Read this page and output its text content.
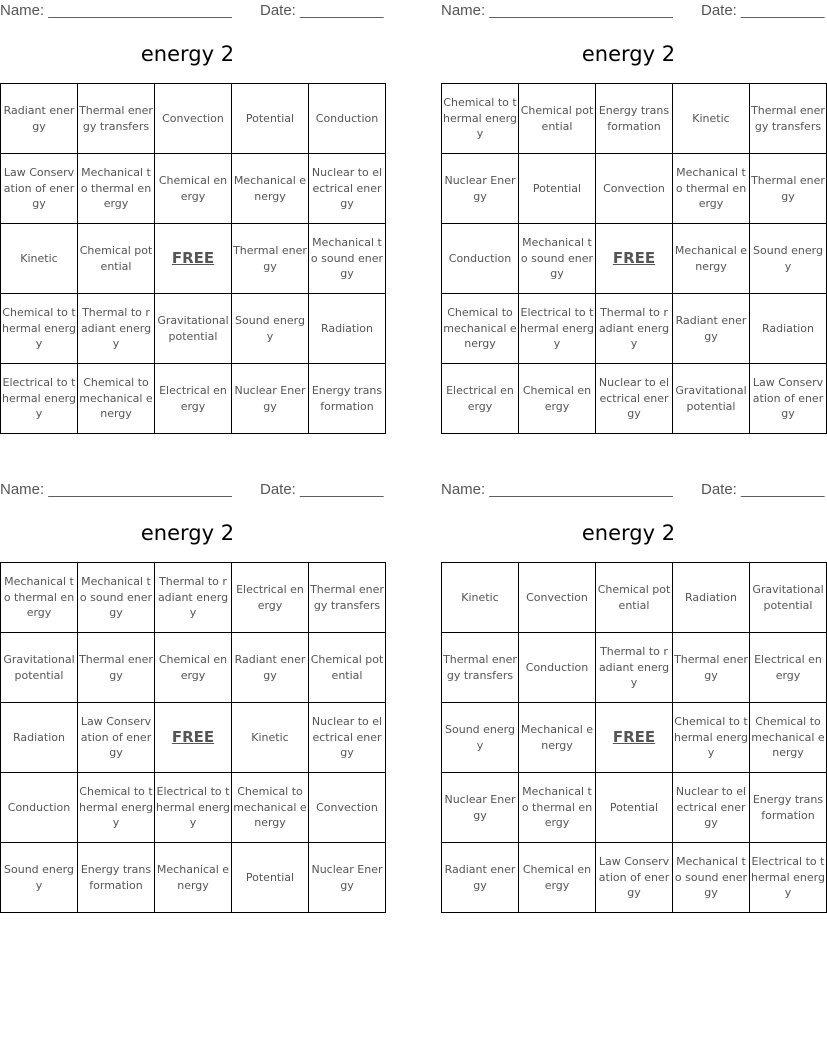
Name: ______________________ Date: __________
energy 2
Radiant energy	Thermal energy transfers	Convection	Potential	Conduction
Law Conservation of energy	Mechanical to thermal energy	Chemical energy	Mechanical energy	Nuclear to electrical energy
Kinetic	Chemical potential	FREE	Thermal energy	Mechanical to sound energy
Chemical to thermal energy	Thermal to radiant energy	Gravitational potential	Sound energy	Radiation
Electrical to thermal energy	Chemical to mechanical energy	Electrical energy	Nuclear Energy	Energy transformation
Name: ______________________ Date: __________
energy 2
Chemical to thermal energy	Chemical potential	Energy transformation	Kinetic	Thermal energy transfers
Nuclear Energy	Potential	Convection	Mechanical to thermal energy	Thermal energy
Conduction	Mechanical to sound energy	FREE	Mechanical energy	Sound energy
Chemical to mechanical energy	Electrical to thermal energy	Thermal to radiant energy	Radiant energy	Radiation
Electrical energy	Chemical energy	Nuclear to electrical energy	Gravitational potential	Law Conservation of energy
Name: ______________________ Date: __________
energy 2
Mechanical to thermal energy	Mechanical to sound energy	Thermal to radiant energy	Electrical energy	Thermal energy transfers
Gravitational potential	Thermal energy	Chemical energy	Radiant energy	Chemical potential
Radiation	Law Conservation of energy	FREE	Kinetic	Nuclear to electrical energy
Conduction	Chemical to thermal energy	Electrical to thermal energy	Chemical to mechanical energy	Convection
Sound energy	Energy transformation	Mechanical energy	Potential	Nuclear Energy
Name: ______________________ Date: __________
energy 2
Kinetic	Convection	Chemical potential	Radiation	Gravitational potential
Thermal energy transfers	Conduction	Thermal to radiant energy	Thermal energy	Electrical energy
Sound energy	Mechanical energy	FREE	Chemical to thermal energy	Chemical to mechanical energy
Nuclear Energy	Mechanical to thermal energy	Potential	Nuclear to electrical energy	Energy transformation
Radiant energy	Chemical energy	Law Conservation of energy	Mechanical to sound energy	Electrical to thermal energy
